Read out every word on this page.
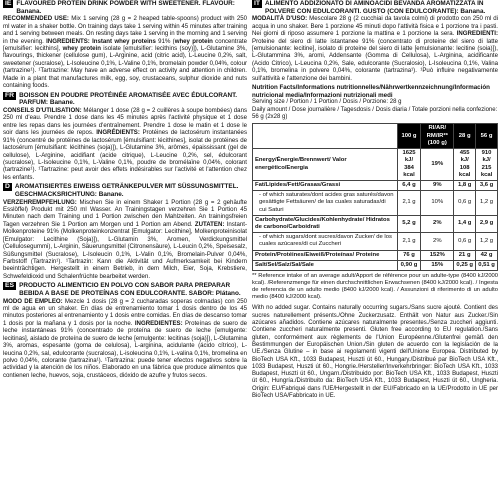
IE FLAVOURED PROTEIN DRINK POWDER WITH SWEETENER. FLAVOUR: Banana.

RECOMMENDED USE: Mix 1 serving (28 g = 2 heaped table-spoons) product with 250 ml water in a shaker bottle. On training days take 1 serving within 45 minutes after training and 1 serving between meals. On resting days take 1 serving in the morning and 1 serving in the evening. INGREDIENTS: Instant whey proteins 91% (whey protein concentrate [emulsifier: lecithins], whey protein isolate [emulsifier: lecithins (soy)]), L-Glutamine 3%, flavourings, thickener (cellulose gum), L-Arginine, acid (citric acid), L-Leucine 0,2%, salt, sweetener (sucralose), L-Isoleucine 0,1%, L-Valine 0,1%, bromelain powder 0,04%, colour (tartrazine¹). ¹Tartrazine: May have an adverse effect on activity and attention in children. Made in a plant that manufactures milk, egg, soy, crustaceans, sulphur dioxide and nuts containing foods.

FR BOISSON EN POUDRE PROTÉINÉE AROMATISÉE AVEC ÉDULCORANT. PARFUM: Banane.

CONSEILS D'UTILISATION: Mélanger 1 dose (28 g = 2 cuillères à soupe bombées) dans 250 ml d'eau. Prendre 1 dose dans les 45 minutes après l'activité physique et 1 dose entre les repas dans les journées d'entraînement. Prendre 1 dose le matin et 1 dose le soir dans les journées de repos. INGRÉDIENTS: Protéines de lactosérum instantanées 91% (concentré de protéines de lactosérum [émulsifiant: lécithines], isolat de protéines de lactosérum [émulsifiant: lécithines (soja)]), L-Glutamine 3%, arômes, épaississant (gel de cellulose), L-Arginine, acidifiant (acide citrique), L-Leucine 0,2%, sel, édulcorant (sucralose), L-Isoleucine 0,1%, L-Valine 0,1%, poudre de bromélaïne 0,04%, colorant (tartrazine¹). ¹Tartrazine: peut avoir des effets indésirables sur l'activité et l'attention chez les enfants.

D AROMATISIERTES EIWEISS GETRÄNKEPULVER MIT SÜSSUNGSMITTEL. GESCHMACKSRICHTUNG: Banane.

VERZEHREMPFEHLUNG: Mischen Sie in einem Shaker 1 Portion (28 g = 2 gehäufte Esslöffel) Produkt mit 250 ml Wasser. An Trainingstagen verzehren Sie 1 Portion 45 Minuten nach dem Training und 1 Portion zwischen den Mahlzeiten. An trainingsfreien Tagen verzehren Sie 1 Portion am Morgen und 1 Portion am Abend. ZUTATEN: Instant-Molkenproteine 91% (Molkenproteinkonzentrat [Emulgator: Lecithine], Molkenproteinisolat [Emulgator: Lecithine (Soja)]), L-Glutamin 3%, Aromen, Verdickungsmittel (Cellulosegummi), L-Arginin, Säuerungsmittel (Citronensäure), L-Leucin 0,2%, Speisesalz, Süßungsmittel (Sucralose), L-Isoleucin 0,1%, L-Valin 0,1%, Bromelain-Pulver 0,04%, Farbstoff (Tartrazin¹). ¹Tartrazin: Kann die Aktivität und Aufmerksamkeit bei Kindern beeinträchtigen. Hergestellt in einem Betrieb, in dem Milch, Eier, Soja, Krebstiere, Schwefeldioxid und Schalenfrüchte bearbeitet werden.

ES PRODUCTO ALIMENTICIO EN POLVO CON SABOR PARA PREPARAR BEBIDA A BASE DE PROTEÍNAS CON EDULCORANTE. SABOR: Plátano.

MODO DE EMPLEO: Mezcle 1 dosis (28 g = 2 cucharadas soperas colmadas) con 250 ml de agua en un shaker. En días de entrenamiento tomar 1 dosis dentro de los 45 minutos posteriores al entrenamiento y 1 dosis entre comidas. En días de descanso tomar 1 dosis por la mañana y 1 dosis por la noche. INGREDIENTES: Proteínas de suero de leche instantáneas 91% (concentrado de proteína de suero de leche [emulgente: lecitinas], aislado de proteína de suero de leche [emulgente: lecitinas (soja)]), L-Glutamina 3%, aromas, espesante (goma de celulosa), L-arginina, acidulante (ácido cítrico), L-leucina 0,2%, sal, edulcorante (sucralosa), L-isoleucina 0,1%, L-valina 0,1%, bromelina en polvo 0,04%, colorante (tartrazina¹). ¹Tartrazina: puede tener efectos negativos sobre la actividad y la atención de los niños. Elaborado en una fábrica que produce alimentos que contienen leche, huevos, soja, crustáceos, dióxido de azufre y frutos secos.

IT ALIMENTO ADDIZIONATO DI AMINOACIDI BEVANDA AROMATIZZATA IN POLVERE CON EDULCORANTI. GUSTO (CON EDULCORANTE): Banana.

MODALITÀ D'USO: Mescolare 28 g (2 cucchiai da tavola colmi) di prodotto con 250 ml di acqua in uno shaker. Bere 1 porzione 45 minuti dopo l'attività fisica e 1 porzione tra i pasti. Nei giorni di riposo assumere 1 porzione la mattina e 1 porzione la sera. INGREDIENTI: Proteine del siero di latte istantanee 91% (concentrato di proteine del siero di latte [emulsionante: lecitine], isolato di proteine del siero di latte [emulsionante: lecitine (soia)]), L-Glutammina 3%, aromi, Addensante (Gomma di Cellulosa), L-Arginina, acidificante (Acido Citrico), L-Leucina 0,2%, Sale, edulcorante (Sucralosio), L-Isoleucina 0,1%, Valina 0,1%, bromelina in polvere 0,04%, colorante (tartrazina¹). ¹Può influire negativamente sull'attività e l'attenzione dei bambini.

Nutrition Facts/Informations nutritionnelles/Nährwertkennzeichnung/Información nutricional media/Informazioni nutrizionali medi
Serving size / Portion / 1 Portion / Dosis / Porzione: 28 g
Daily amount / Dose journalière / Tagesdosis / Dosis diaria / Totale porzioni nella confezione: 56 g (2x28 g)
	100 g	RI/AR/ RM/IR** (100 g)	28 g	56 g
Energy/Énergie/Brennwert/ Valor energético/Energia	1625 kJ/ 384 kcal	19%	455 kJ/ 108 kcal	910 kJ/ 215 kcal
Fat/Lipides/Fett/Grasas/Grassi	6,4 g	9%	1,8 g	3,6 g
- of which saturates/dont acides gras saturés/davon gesättigte Fettsäuren/ de las cuales saturadas/di cui Saturi	2,1 g	10%	0,6 g	1,2 g
Carbohydrate/Glucides/Kohlenhydrate/ Hidratos de carbono/Carboidrati	5,2 g	2%	1,4 g	2,9 g
- of which sugars/dont sucres/davon Zucker/ de los cuales azúcares/di cui Zuccheri	2,1 g	2%	0,6 g	1,2 g
Protein/Protéines/Eiweiß/Proteínas/ Proteine	76 g	152%	21 g	42 g
Salt/Sel/Salz/Sal/Sale	0,90 g	15%	0,25 g	0,51 g
** Reference intake of an average adult/Apport de référence pour un adulte-type (8400 kJ/2000 kcal). /Referenzmenge für einen durchschnittlichen Erwachsenen (8400 kJ/2000 kcal). / Ingesta de referencia de un adulto medio (8400 kJ/2000 kcal). / Assunzioni di riferimento di un adulto medio (8400 kJ/2000 kcal).
With no added sugar. Contains naturally occurring sugars./Sans sucre ajouté. Contient des sucres naturellement présents./Ohne Zuckerzusatz. Enthält von Natur aus Zucker./Sin azúcares añadidos. Contiene azúcares naturalmente presentes./Senza zuccheri aggiunti. Contiene zuccheri naturalmente presenti. Gluten free according to EU regulation./Sans gluten, conformément aux règlements de l'Union Européenne./Glutenfrei gemäß den Bestimmungen der Europäischen Union./Sin gluten de acuerdo con la legislación de la UE./Senza Glutine – in base ai regolamenti vigenti dell'Unione Europea. Distributed by BioTech USA Kft., 1033 Budapest, Huszti út 60., Hungary./Distribué par BioTech USA Kft., 1033 Budapest, Huszti út 60., Hongrie./Hersteller/Inverkehrbringer: BioTech USA Kft., 1033 Budapest, Huszti út 60., Ungarn./Distribuido por: BioTech USA Kft., 1033 Budapest, Huszti út 60., Hungría./Distribuito da: BioTech USA Kft., 1033 Budapest, Huszti út 60., Ungheria. Origin: EU/Fabriqué dans l'UE/Hergestellt in der EU/Fabricado en la UE/Prodotto in UE per BioTech USA/Fabbricato in UE.
